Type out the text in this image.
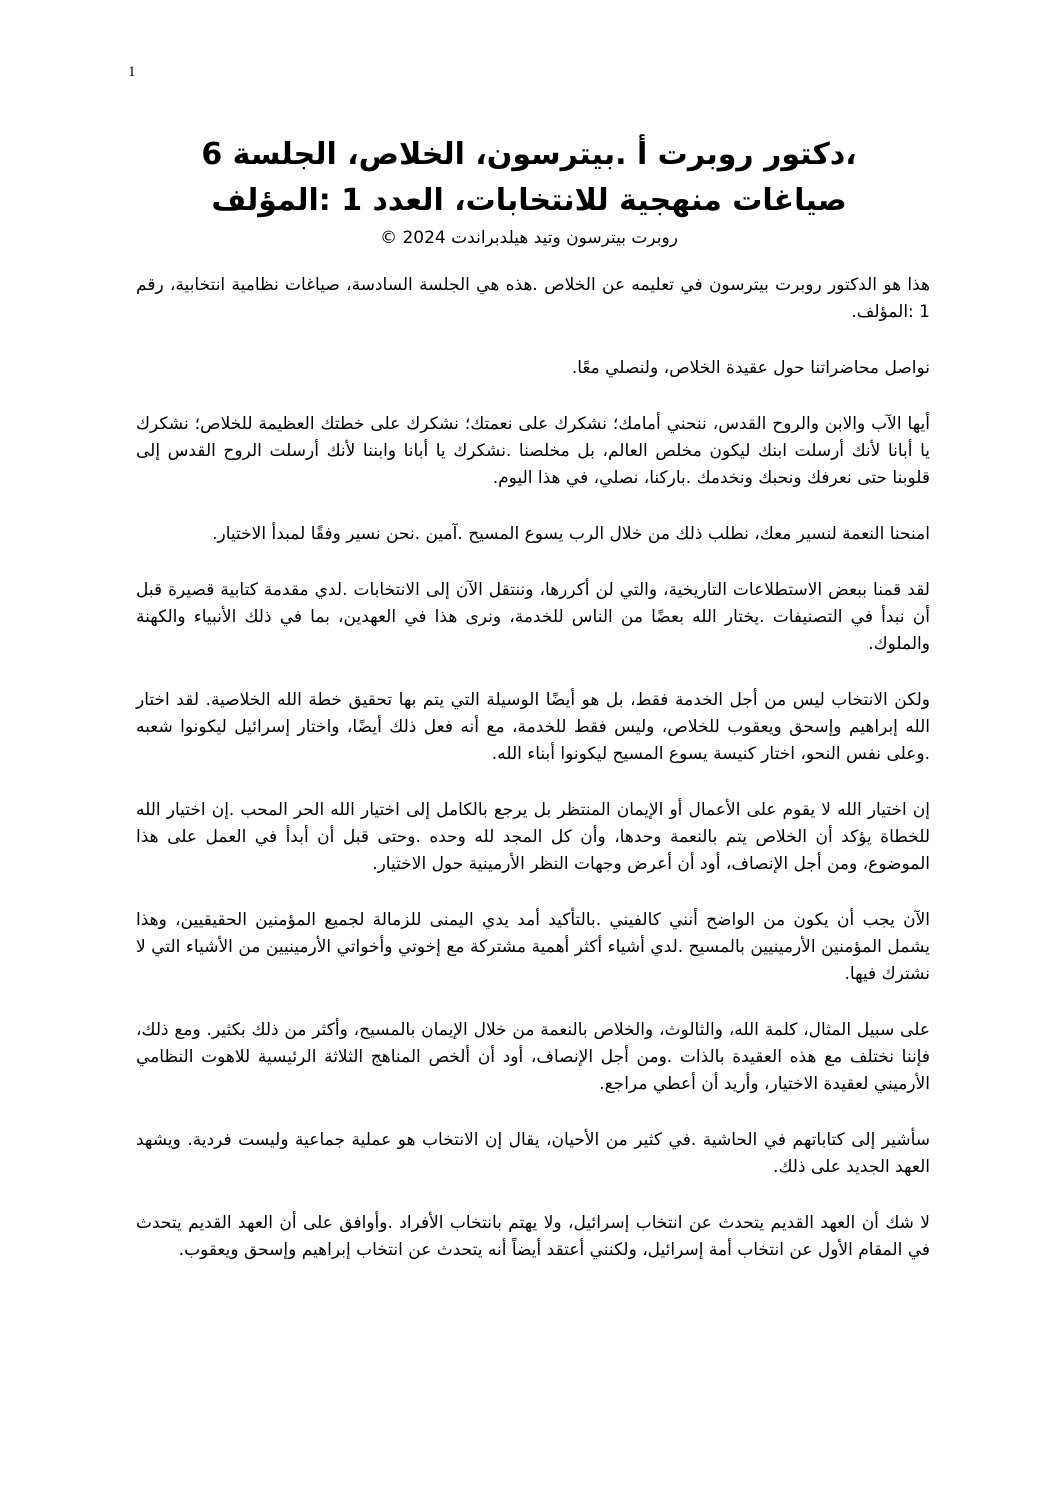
1
،دكتور روبرت أ .بيترسون، الخلاص، الجلسة 6
صياغات منهجية للانتخابات، العدد 1 :المؤلف

روبرت بيترسون وتيد هيلدبراندت 2024 ©

هذا هو الدكتور روبرت بيترسون في تعليمه عن الخلاص .هذه هي الجلسة السادسة، صياغات نظامية انتخابية، رقم 1 :المؤلف.

نواصل محاضراتنا حول عقيدة الخلاص، ولنصلي معًا.

أيها الآب والابن والروح القدس، ننحني أمامك؛ نشكرك على نعمتك؛ نشكرك على خطتك العظيمة للخلاص؛ نشكرك يا أبانا لأنك أرسلت ابنك ليكون مخلص العالم، بل مخلصنا .نشكرك يا أبانا وابننا لأنك أرسلت الروح القدس إلى قلوبنا حتى نعرفك ونحبك ونخدمك .باركنا، نصلي، في هذا اليوم.

امنحنا النعمة لنسير معك، نطلب ذلك من خلال الرب يسوع المسيح .آمين .نحن نسير وفقًا لمبدأ الاختيار.

لقد قمنا ببعض الاستطلاعات التاريخية، والتي لن أكررها، وننتقل الآن إلى الانتخابات .لدي مقدمة كتابية قصيرة قبل أن نبدأ في التصنيفات .يختار الله بعضًا من الناس للخدمة، ونرى هذا في العهدين، بما في ذلك الأنبياء والكهنة والملوك.

ولكن الانتخاب ليس من أجل الخدمة فقط، بل هو أيضًا الوسيلة التي يتم بها تحقيق خطة الله الخلاصية. لقد اختار الله إبراهيم وإسحق ويعقوب للخلاص، وليس فقط للخدمة، مع أنه فعل ذلك أيضًا، واختار إسرائيل ليكونوا شعبه .وعلى نفس النحو، اختار كنيسة يسوع المسيح ليكونوا أبناء الله.

إن اختيار الله لا يقوم على الأعمال أو الإيمان المنتظر بل يرجع بالكامل إلى اختيار الله الحر المحب .إن اختيار الله للخطاة يؤكد أن الخلاص يتم بالنعمة وحدها، وأن كل المجد لله وحده .وحتى قبل أن أبدأ في العمل على هذا الموضوع، ومن أجل الإنصاف، أود أن أعرض وجهات النظر الأرمينية حول الاختيار.

الآن يجب أن يكون من الواضح أنني كالفيني .بالتأكيد أمد يدي اليمنى للزمالة لجميع المؤمنين الحقيقيين، وهذا يشمل المؤمنين الأرمينيين بالمسيح .لدي أشياء أكثر أهمية مشتركة مع إخوتي وأخواتي الأرمينيين من الأشياء التي لا نشترك فيها.

على سبيل المثال، كلمة الله، والثالوث، والخلاص بالنعمة من خلال الإيمان بالمسيح، وأكثر من ذلك بكثير. ومع ذلك، فإننا نختلف مع هذه العقيدة بالذات .ومن أجل الإنصاف، أود أن ألخص المناهج الثلاثة الرئيسية للاهوت النظامي الأرميني لعقيدة الاختيار، وأريد أن أعطي مراجع.

سأشير إلى كتاباتهم في الحاشية .في كثير من الأحيان، يقال إن الانتخاب هو عملية جماعية وليست فردية. ويشهد العهد الجديد على ذلك.

لا شك أن العهد القديم يتحدث عن انتخاب إسرائيل، ولا يهتم بانتخاب الأفراد .وأوافق على أن العهد القديم يتحدث في المقام الأول عن انتخاب أمة إسرائيل، ولكنني أعتقد أيضاً أنه يتحدث عن انتخاب إبراهيم وإسحق ويعقوب.
